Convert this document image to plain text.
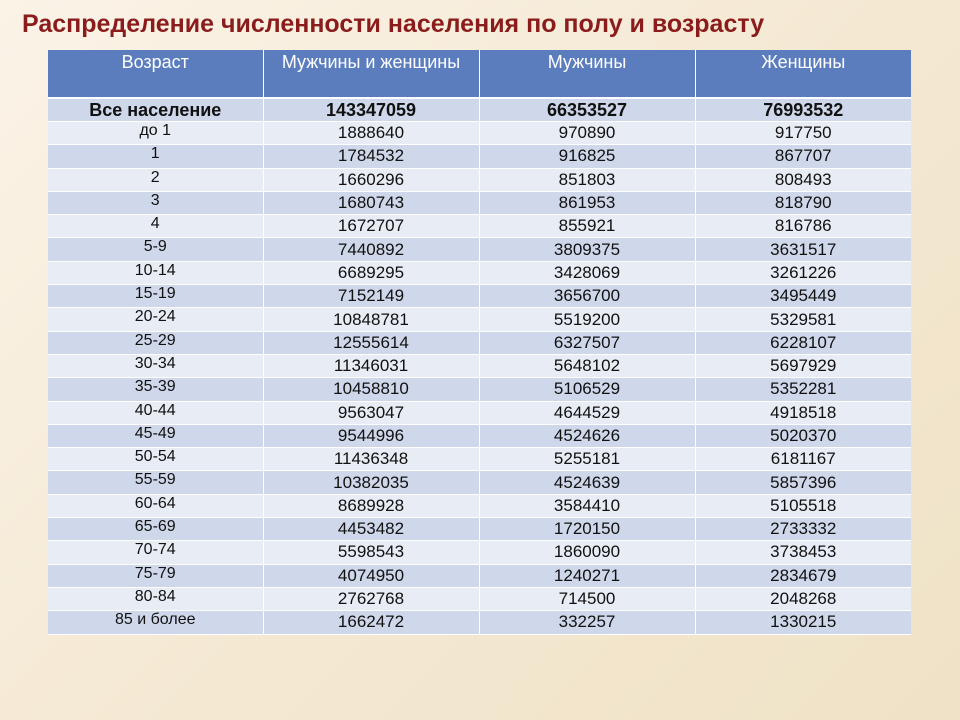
Распределение численности населения по полу и возрасту
Возраст	Мужчины и женщины	Мужчины	Женщины
Все население	143347059	66353527	76993532
до 1	1888640	970890	917750
1	1784532	916825	867707
2	1660296	851803	808493
3	1680743	861953	818790
4	1672707	855921	816786
5-9	7440892	3809375	3631517
10-14	6689295	3428069	3261226
15-19	7152149	3656700	3495449
20-24	10848781	5519200	5329581
25-29	12555614	6327507	6228107
30-34	11346031	5648102	5697929
35-39	10458810	5106529	5352281
40-44	9563047	4644529	4918518
45-49	9544996	4524626	5020370
50-54	11436348	5255181	6181167
55-59	10382035	4524639	5857396
60-64	8689928	3584410	5105518
65-69	4453482	1720150	2733332
70-74	5598543	1860090	3738453
75-79	4074950	1240271	2834679
80-84	2762768	714500	2048268
85 и более	1662472	332257	1330215
